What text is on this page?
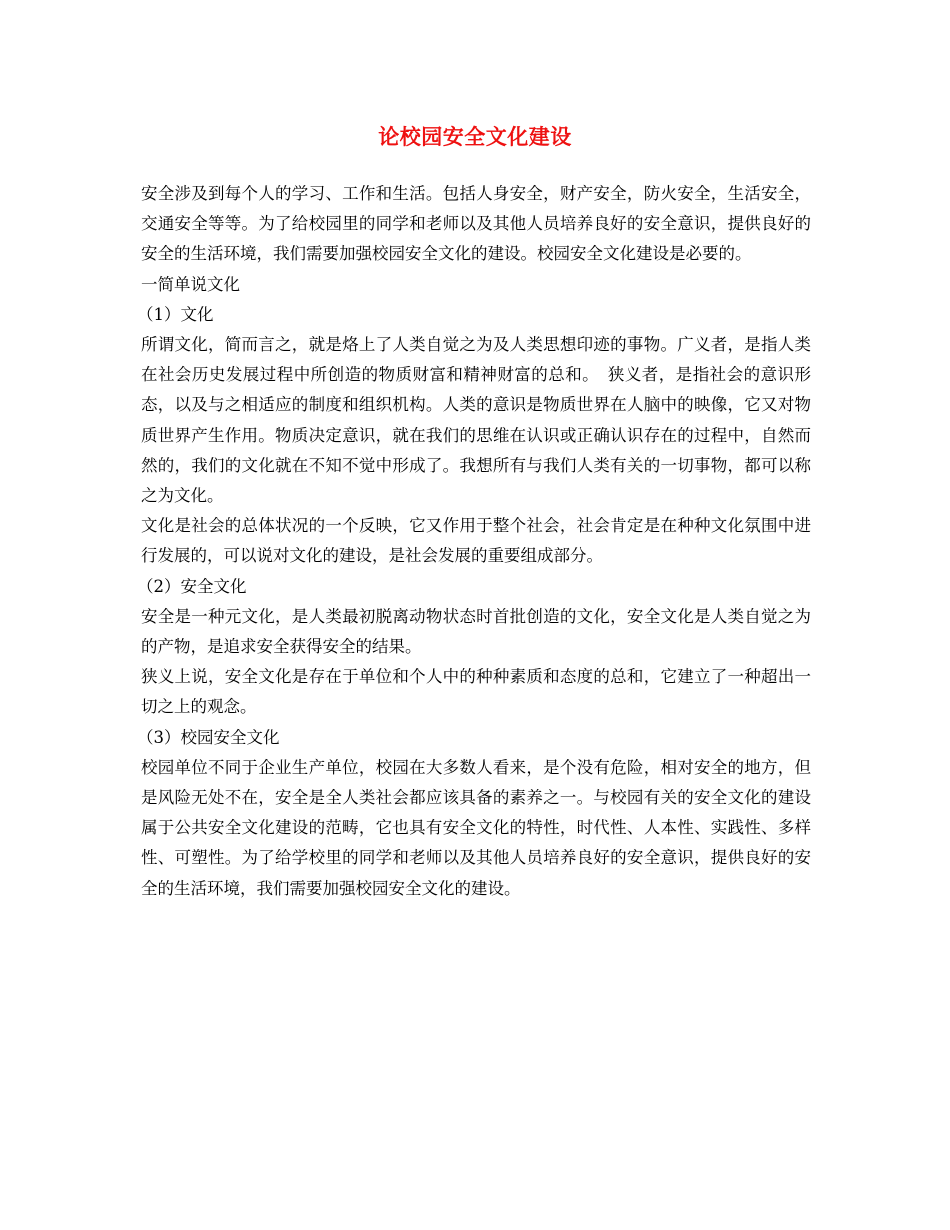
论校园安全文化建设

安全涉及到每个人的学习、工作和生活。包括人身安全，财产安全，防火安全，生活安全，交通安全等等。为了给校园里的同学和老师以及其他人员培养良好的安全意识，提供良好的安全的生活环境，我们需要加强校园安全文化的建设。校园安全文化建设是必要的。

一简单说文化

（1）文化

所谓文化，简而言之，就是烙上了人类自觉之为及人类思想印迹的事物。广义者，是指人类在社会历史发展过程中所创造的物质财富和精神财富的总和。　狭义者，是指社会的意识形态，以及与之相适应的制度和组织机构。人类的意识是物质世界在人脑中的映像，它又对物质世界产生作用。物质决定意识，就在我们的思维在认识或正确认识存在的过程中，自然而然的，我们的文化就在不知不觉中形成了。我想所有与我们人类有关的一切事物，都可以称之为文化。

文化是社会的总体状况的一个反映，它又作用于整个社会，社会肯定是在种种文化氛围中进行发展的，可以说对文化的建设，是社会发展的重要组成部分。

（2）安全文化

安全是一种元文化，是人类最初脱离动物状态时首批创造的文化，安全文化是人类自觉之为的产物，是追求安全获得安全的结果。

狭义上说，安全文化是存在于单位和个人中的种种素质和态度的总和，它建立了一种超出一切之上的观念。

（3）校园安全文化

校园单位不同于企业生产单位，校园在大多数人看来，是个没有危险，相对安全的地方，但是风险无处不在，安全是全人类社会都应该具备的素养之一。与校园有关的安全文化的建设属于公共安全文化建设的范畴，它也具有安全文化的特性，时代性、人本性、实践性、多样性、可塑性。为了给学校里的同学和老师以及其他人员培养良好的安全意识，提供良好的安全的生活环境，我们需要加强校园安全文化的建设。
